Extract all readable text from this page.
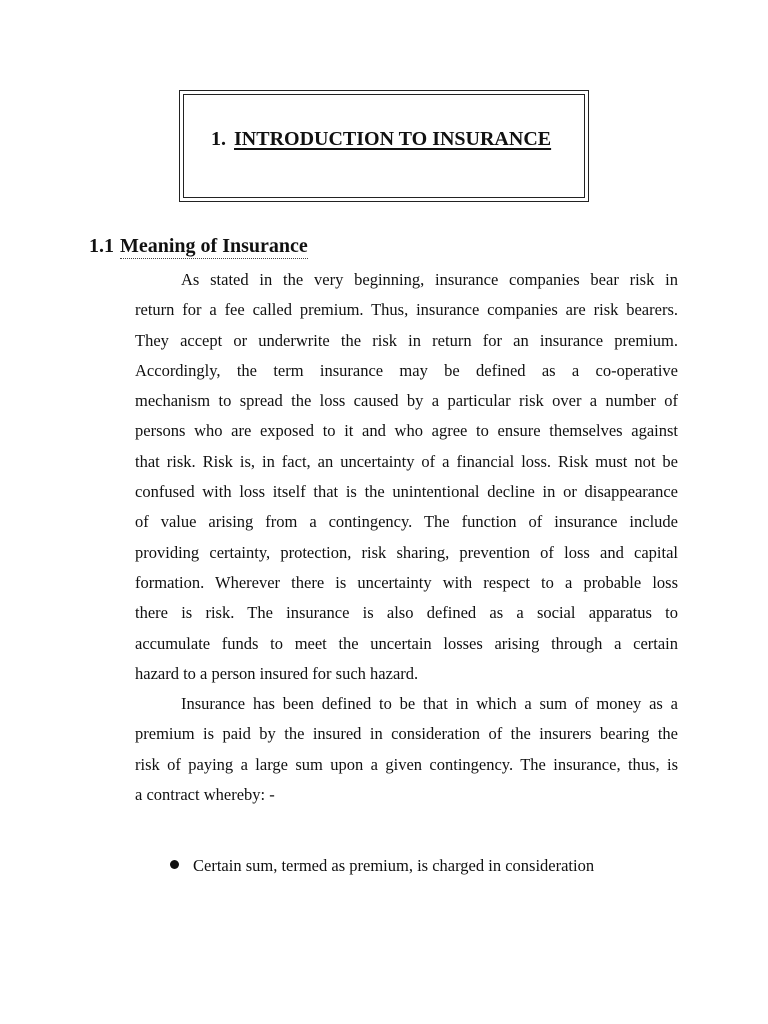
1. INTRODUCTION TO INSURANCE
1.1 Meaning of Insurance
As stated in the very beginning, insurance companies bear risk in
return for a fee called premium. Thus, insurance companies are risk bearers.
They accept or underwrite the risk in return for an insurance premium.
Accordingly, the term insurance may be defined as a co-operative
mechanism to spread the loss caused by a particular risk over a number of
persons who are exposed to it and who agree to ensure themselves against
that risk. Risk is, in fact, an uncertainty of a financial loss. Risk must not be
confused with loss itself that is the unintentional decline in or disappearance
of value arising from a contingency. The function of insurance include
providing certainty, protection, risk sharing, prevention of loss and capital
formation. Wherever there is uncertainty with respect to a probable loss
there is risk. The insurance is also defined as a social apparatus to
accumulate funds to meet the uncertain losses arising through a certain
hazard to a person insured for such hazard.
Insurance has been defined to be that in which a sum of money as a
premium is paid by the insured in consideration of the insurers bearing the
risk of paying a large sum upon a given contingency. The insurance, thus, is
a contract whereby: -
Certain sum, termed as premium, is charged in consideration
